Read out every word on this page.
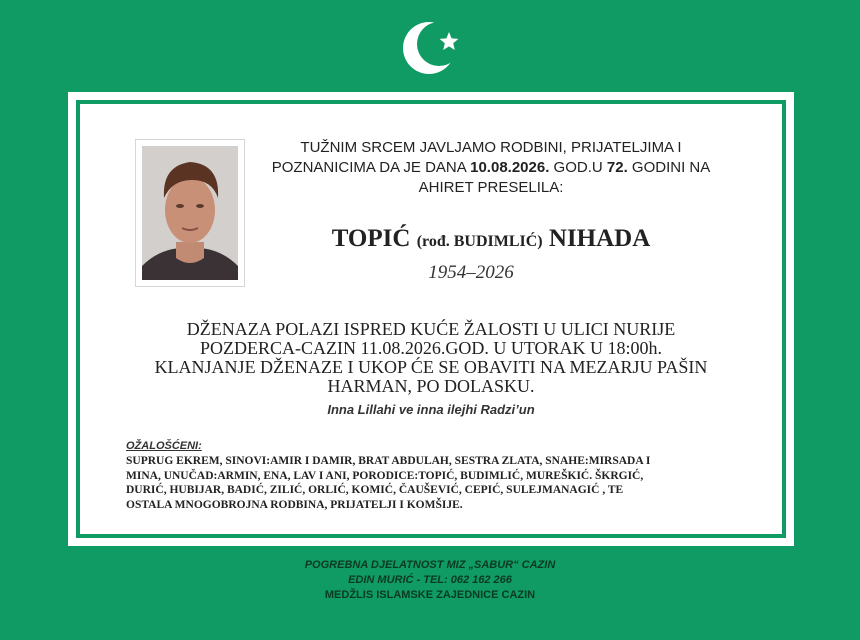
TUŽNIM SRCEM JAVLJAMO RODBINI, PRIJATELJIMA I
POZNANICIMA DA JE DANA 10.08.2026. GOD.U 72. GODINI NA
AHIRET PRESELILA:
TOPIĆ (rođ. BUDIMLIĆ) NIHADA
1954–2026
DŽENAZA POLAZI ISPRED KUĆE ŽALOSTI U ULICI NURIJE
POZDERCA-CAZIN 11.08.2026.GOD. U UTORAK U 18:00h.
KLANJANJE DŽENAZE I UKOP ĆE SE OBAVITI NA MEZARJU PAŠIN
HARMAN, PO DOLASKU.
Inna Lillahi ve inna ilejhi Radzi’un
OŽALOŠĆENI:
SUPRUG EKREM, SINOVI:AMIR I DAMIR, BRAT ABDULAH, SESTRA ZLATA, SNAHE:MIRSADA I
MINA, UNUČAD:ARMIN, ENA, LAV I ANI, PORODICE:TOPIĆ, BUDIMLIĆ, MUREŠKIĆ. ŠKRGIĆ,
DURIĆ, HUBIJAR, BADIĆ, ZILIĆ, ORLIĆ, KOMIĆ, ČAUŠEVIĆ, CEPIĆ, SULEJMANAGIĆ , TE
OSTALA MNOGOBROJNA RODBINA, PRIJATELJI I KOMŠIJE.
POGREBNA DJELATNOST MIZ „SABUR“ CAZIN
EDIN MURIĆ - TEL: 062 162 266
MEDŽLIS ISLAMSKE ZAJEDNICE CAZIN
